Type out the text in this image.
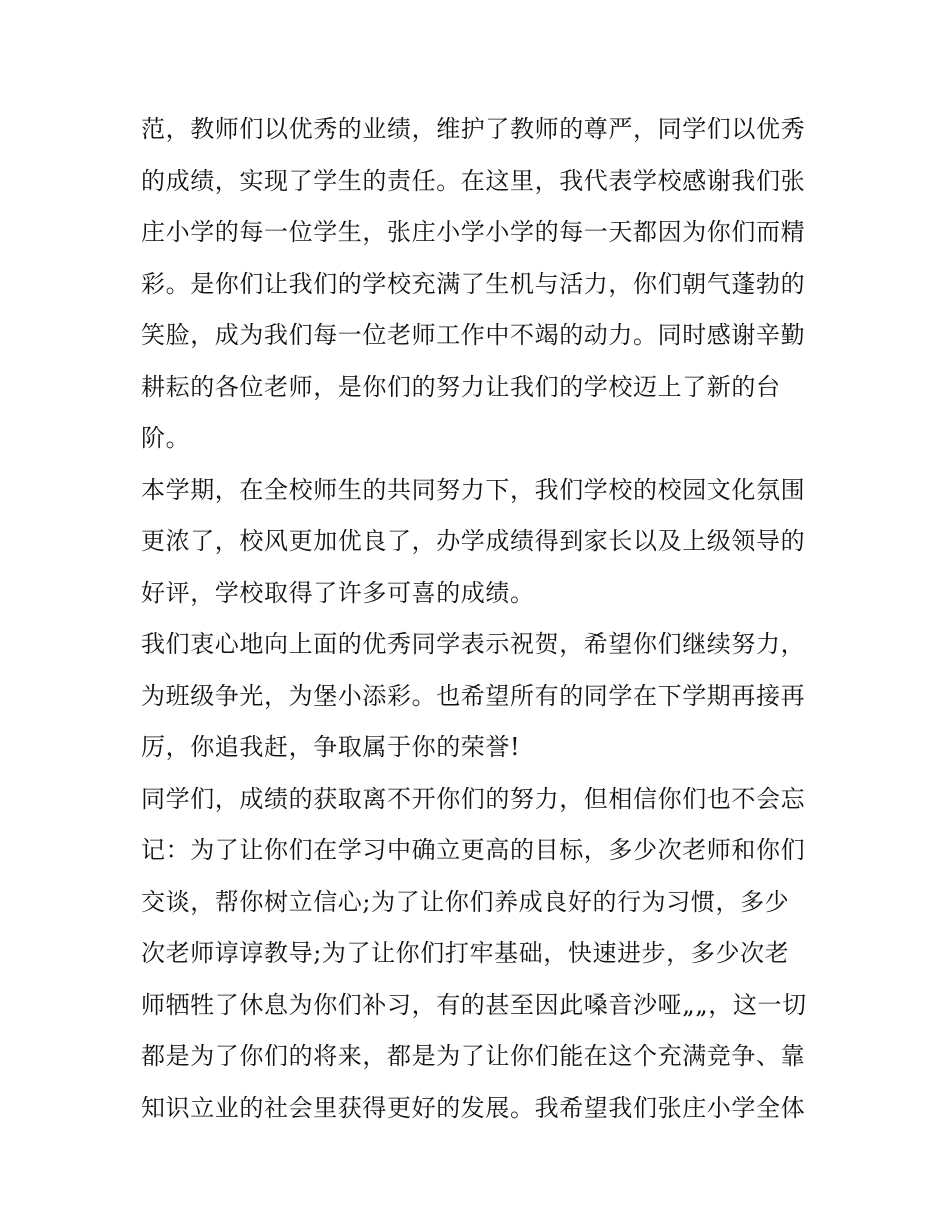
范，教师们以优秀的业绩，维护了教师的尊严，同学们以优秀
的成绩，实现了学生的责任。在这里，我代表学校感谢我们张
庄小学的每一位学生，张庄小学小学的每一天都因为你们而精
彩。是你们让我们的学校充满了生机与活力，你们朝气蓬勃的
笑脸，成为我们每一位老师工作中不竭的动力。同时感谢辛勤
耕耘的各位老师，是你们的努力让我们的学校迈上了新的台
阶。
本学期，在全校师生的共同努力下，我们学校的校园文化氛围
更浓了，校风更加优良了，办学成绩得到家长以及上级领导的
好评，学校取得了许多可喜的成绩。
我们衷心地向上面的优秀同学表示祝贺，希望你们继续努力，
为班级争光，为堡小添彩。也希望所有的同学在下学期再接再
厉，你追我赶，争取属于你的荣誉!
同学们，成绩的获取离不开你们的努力，但相信你们也不会忘
记：为了让你们在学习中确立更高的目标，多少次老师和你们
交谈，帮你树立信心;为了让你们养成良好的行为习惯，多少
次老师谆谆教导;为了让你们打牢基础，快速进步，多少次老
师牺牲了休息为你们补习，有的甚至因此嗓音沙哑„„，这一切
都是为了你们的将来，都是为了让你们能在这个充满竞争、靠
知识立业的社会里获得更好的发展。我希望我们张庄小学全体
